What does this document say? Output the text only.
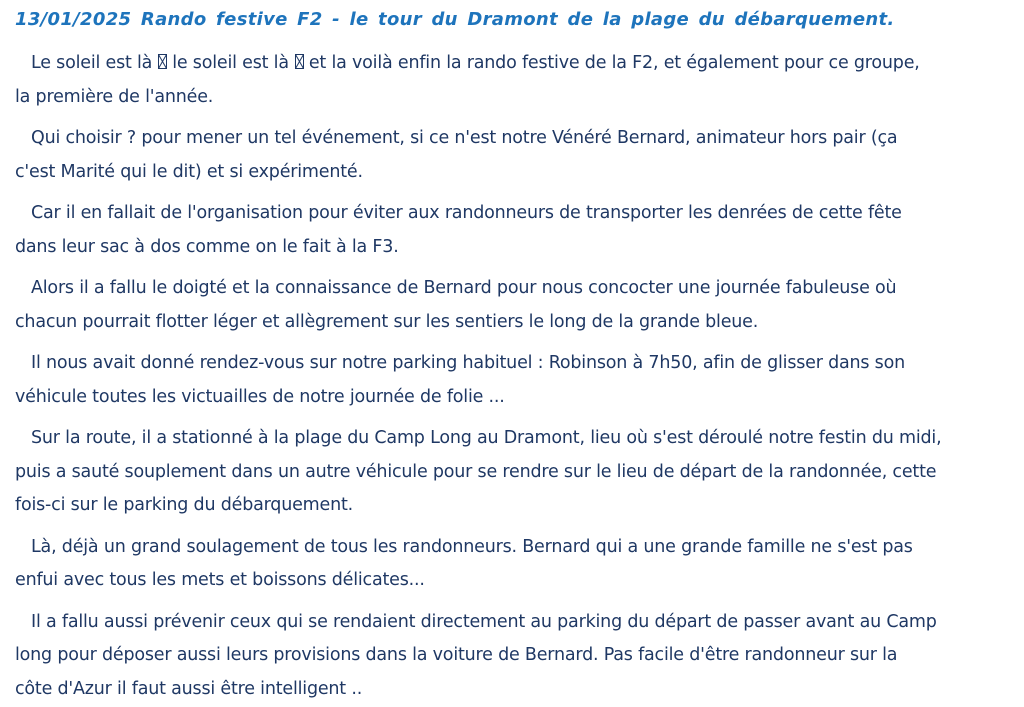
13/01/2025 Rando festive F2 - le tour du Dramont de la plage du débarquement.

Le soleil est là le soleil est là et la voilà enfin la rando festive de la F2, et également pour ce groupe,
la première de l'année.

Qui choisir ? pour mener un tel événement, si ce n'est notre Vénéré Bernard, animateur hors pair (ça
c'est Marité qui le dit) et si expérimenté.

Car il en fallait de l'organisation pour éviter aux randonneurs de transporter les denrées de cette fête
dans leur sac à dos comme on le fait à la F3.

Alors il a fallu le doigté et la connaissance de Bernard pour nous concocter une journée fabuleuse où
chacun pourrait flotter léger et allègrement sur les sentiers le long de la grande bleue.

Il nous avait donné rendez-vous sur notre parking habituel : Robinson à 7h50, afin de glisser dans son
véhicule toutes les victuailles de notre journée de folie ...

Sur la route, il a stationné à la plage du Camp Long au Dramont, lieu où s'est déroulé notre festin du midi,
puis a sauté souplement dans un autre véhicule pour se rendre sur le lieu de départ de la randonnée, cette
fois-ci sur le parking du débarquement.

Là, déjà un grand soulagement de tous les randonneurs. Bernard qui a une grande famille ne s'est pas
enfui avec tous les mets et boissons délicates...

Il a fallu aussi prévenir ceux qui se rendaient directement au parking du départ de passer avant au Camp
long pour déposer aussi leurs provisions dans la voiture de Bernard. Pas facile d'être randonneur sur la
côte d'Azur il faut aussi être intelligent ..
